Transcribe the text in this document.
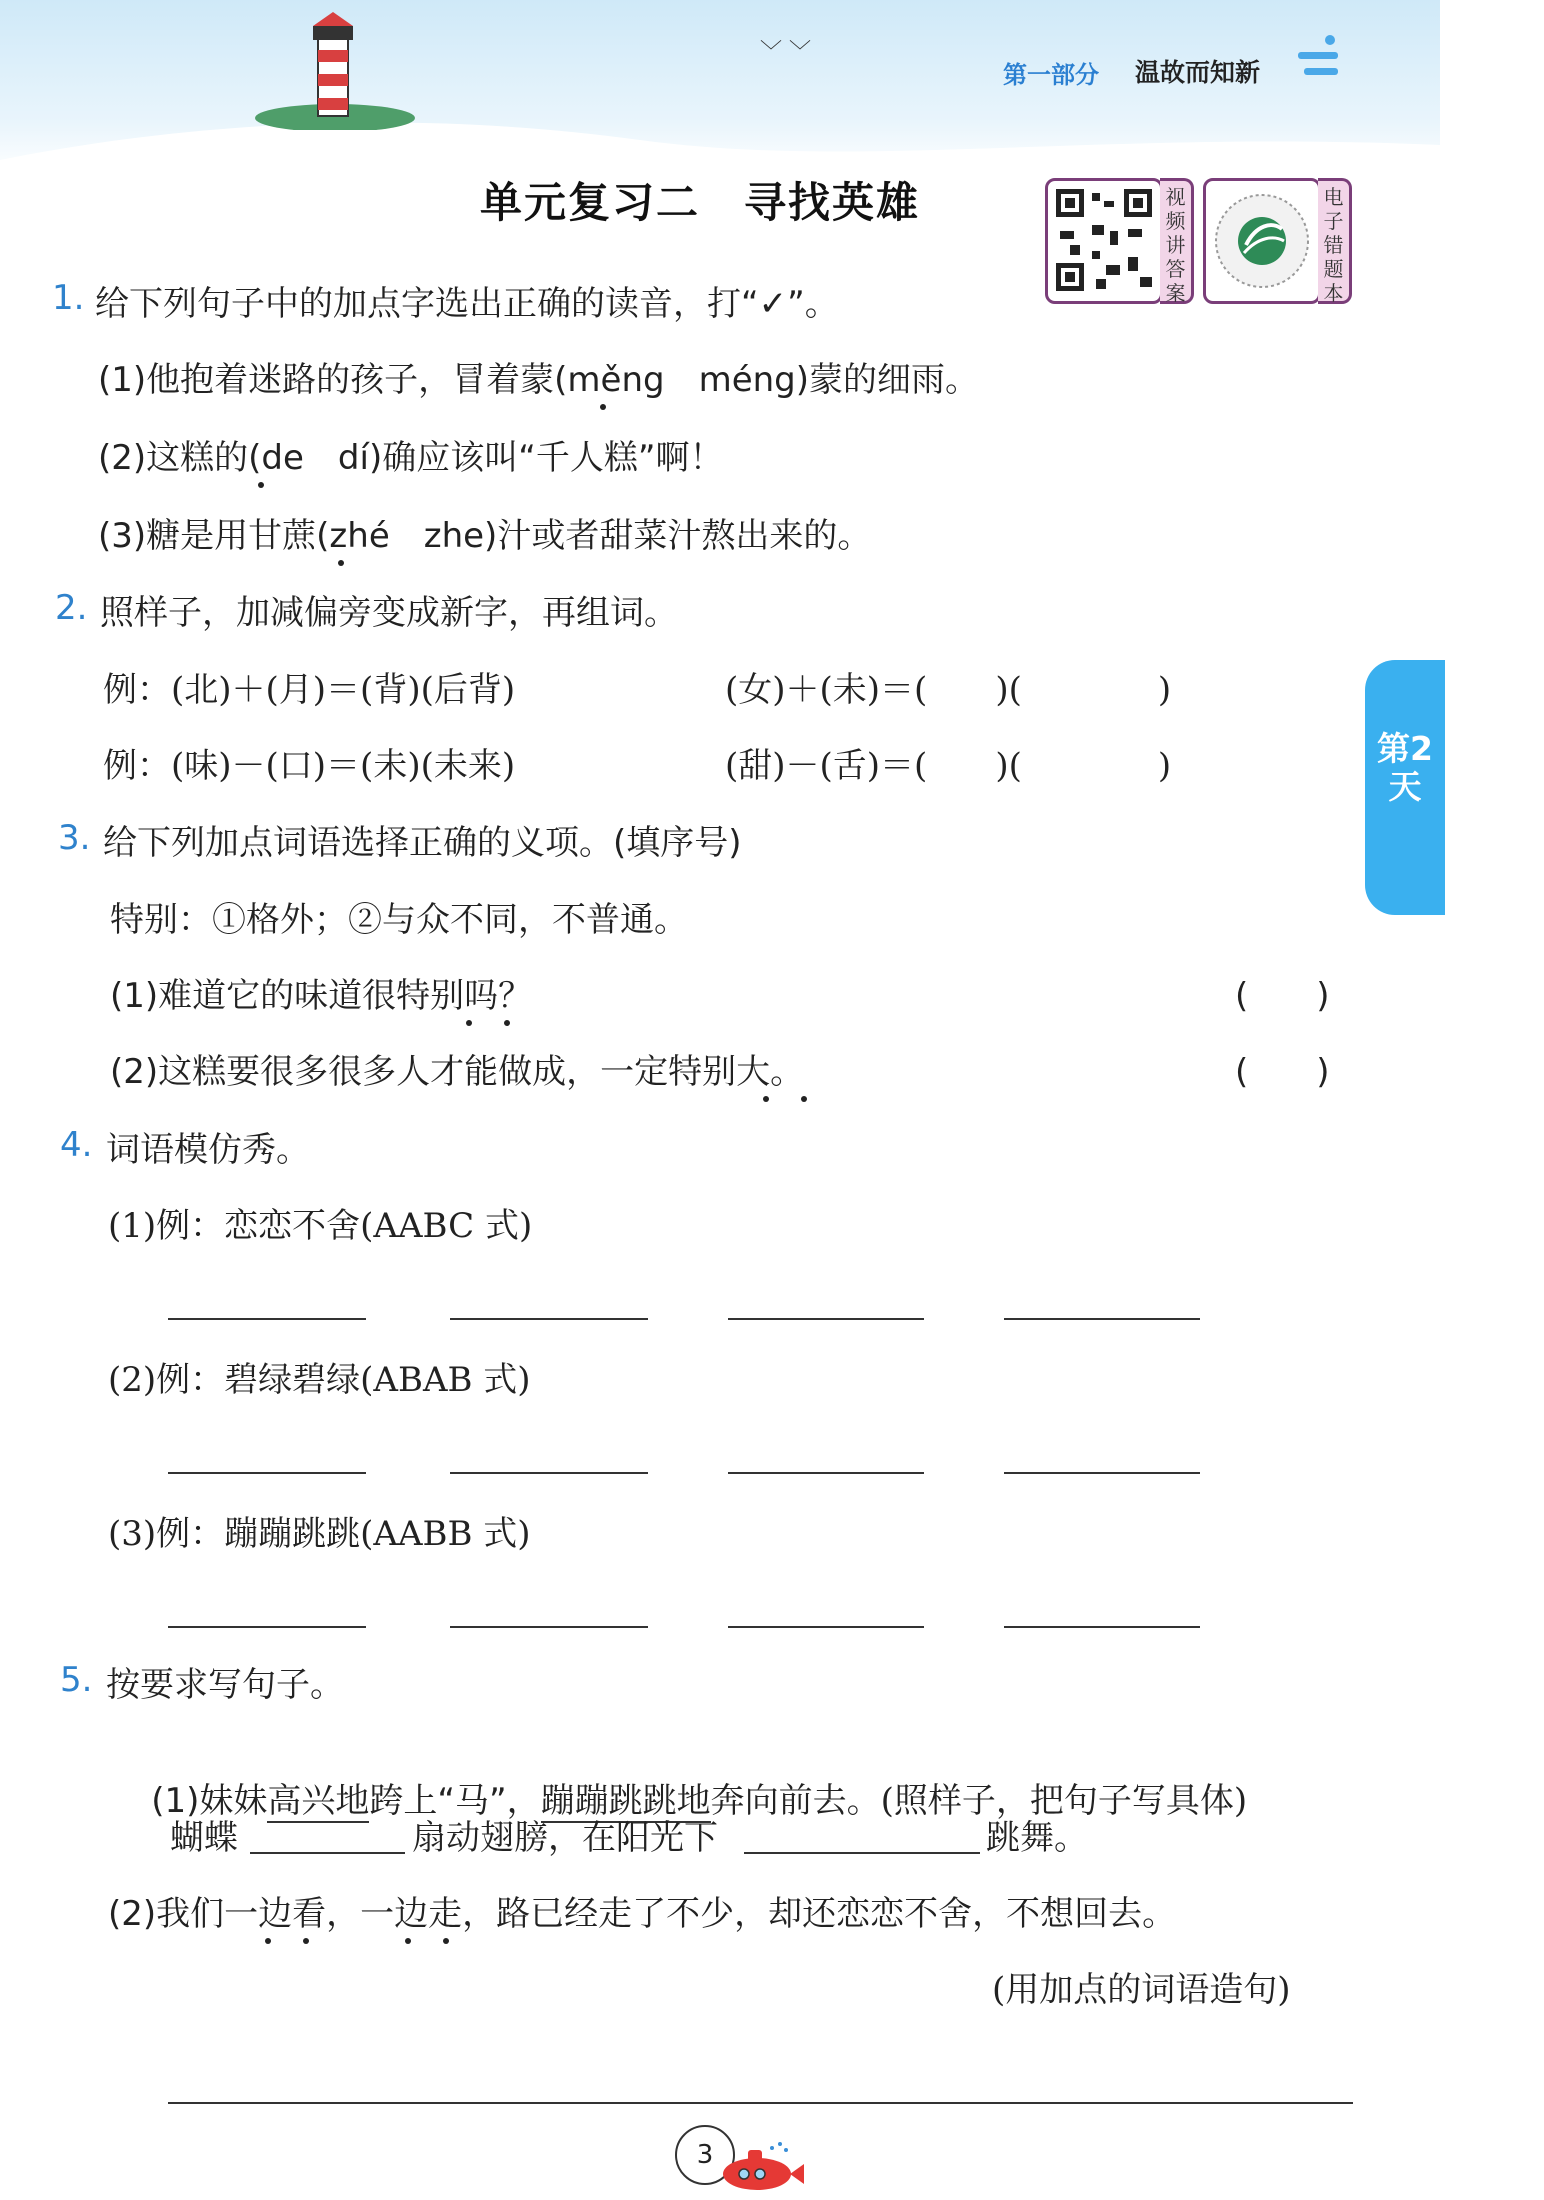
﹀ ﹀
第一部分 温故而知新
单元复习二　寻找英雄	视频讲答案
电子错题本
第2天
1. 给下列句子中的加点字选出正确的读音，打“✓”。
(1)他抱着迷路的孩子，冒着蒙(měng　méng)蒙的细雨。
(2)这糕的(de　dí)确应该叫“千人糕”啊！
(3)糖是用甘蔗(zhé　zhe)汁或者甜菜汁熬出来的。
2. 照样子，加减偏旁变成新字，再组词。
例：(北)＋(月)＝(背)(后背)	(女)＋(未)＝(　　)(　　　　)
例：(味)－(口)＝(未)(未来)	(甜)－(舌)＝(　　)(　　　　)
3. 给下列加点词语选择正确的义项。(填序号)
特别：①格外；②与众不同，不普通。
(1)难道它的味道很特别吗？	(　　)
(2)这糕要很多很多人才能做成，一定特别大。	(　　)
4. 词语模仿秀。
(1)例：恋恋不舍(AABC 式)
(2)例：碧绿碧绿(ABAB 式)
(3)例：蹦蹦跳跳(AABB 式)
5. 按要求写句子。

(1)妹妹高兴地跨上“马”，蹦蹦跳跳地奔向前去。(照样子，把句子写具体)

蝴蝶	扇动翅膀，在阳光下	跳舞。
(2)我们一边看，一边走，路已经走了不少，却还恋恋不舍，不想回去。
(用加点的词语造句)
3
